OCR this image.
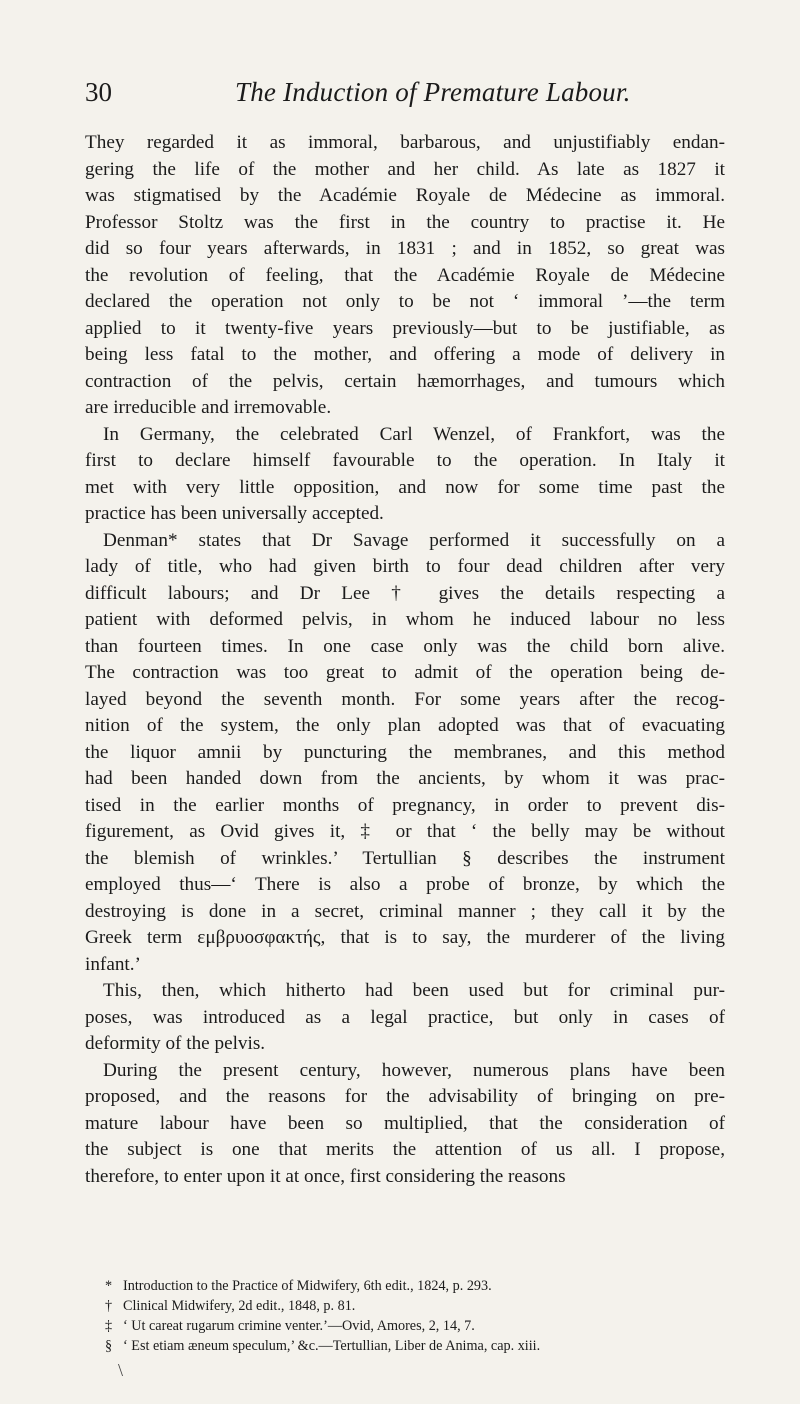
30	The Induction of Premature Labour.

They regarded it as immoral, barbarous, and unjustifiably endan-
gering the life of the mother and her child. As late as 1827 it
was stigmatised by the Académie Royale de Médecine as immoral.
Professor Stoltz was the first in the country to practise it. He
did so four years afterwards, in 1831 ; and in 1852, so great was
the revolution of feeling, that the Académie Royale de Médecine
declared the operation not only to be not ‘ immoral ’—the term
applied to it twenty-five years previously—but to be justifiable, as
being less fatal to the mother, and offering a mode of delivery in
contraction of the pelvis, certain hæmorrhages, and tumours which
are irreducible and irremovable.

In Germany, the celebrated Carl Wenzel, of Frankfort, was the
first to declare himself favourable to the operation. In Italy it
met with very little opposition, and now for some time past the
practice has been universally accepted.

Denman* states that Dr Savage performed it successfully on a
lady of title, who had given birth to four dead children after very
difficult labours; and Dr Lee † gives the details respecting a
patient with deformed pelvis, in whom he induced labour no less
than fourteen times. In one case only was the child born alive.
The contraction was too great to admit of the operation being de-
layed beyond the seventh month. For some years after the recog-
nition of the system, the only plan adopted was that of evacuating
the liquor amnii by puncturing the membranes, and this method
had been handed down from the ancients, by whom it was prac-
tised in the earlier months of pregnancy, in order to prevent dis-
figurement, as Ovid gives it, ‡ or that ‘ the belly may be without
the blemish of wrinkles.’ Tertullian § describes the instrument
employed thus—‘ There is also a probe of bronze, by which the
destroying is done in a secret, criminal manner ; they call it by the
Greek term εμβρυοσφακτής, that is to say, the murderer of the living
infant.’

This, then, which hitherto had been used but for criminal pur-
poses, was introduced as a legal practice, but only in cases of
deformity of the pelvis.

During the present century, however, numerous plans have been
proposed, and the reasons for the advisability of bringing on pre-
mature labour have been so multiplied, that the consideration of
the subject is one that merits the attention of us all. I propose,
therefore, to enter upon it at once, first considering the reasons

* Introduction to the Practice of Midwifery, 6th edit., 1824, p. 293.
† Clinical Midwifery, 2d edit., 1848, p. 81.
‡ ‘ Ut careat rugarum crimine venter.’—Ovid, Amores, 2, 14, 7.
§ ‘ Est etiam æneum speculum,’ &c.—Tertullian, Liber de Anima, cap. xiii.
\
